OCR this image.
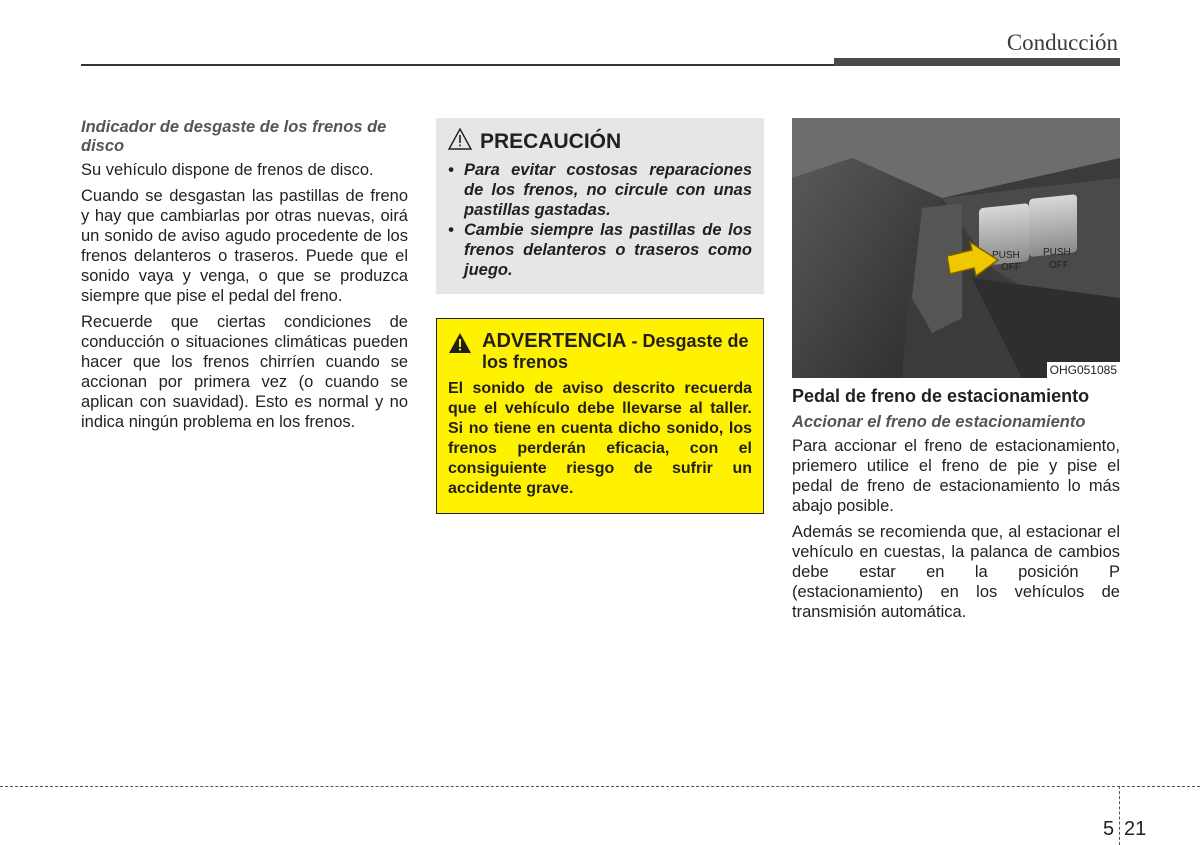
Conducción

Indicador de desgaste de los frenos de disco

Su vehículo dispone de frenos de disco.

Cuando se desgastan las pastillas de freno y hay que cambiarlas por otras nuevas, oirá un sonido de aviso agudo procedente de los frenos delanteros o traseros. Puede que el sonido vaya y venga, o que se produzca siempre que pise el pedal del freno.

Recuerde que ciertas condiciones de conducción o situaciones climáticas pueden hacer que los frenos chirríen cuando se accionan por primera vez (o cuando se aplican con suavidad). Esto es normal y no indica ningún problema en los frenos.

PRECAUCIÓN
• Para evitar costosas reparaciones de los frenos, no circule con unas pastillas gastadas.
• Cambie siempre las pastillas de los frenos delanteros o traseros como juego.
ADVERTENCIA - Desgaste de los frenos
El sonido de aviso descrito recuerda que el vehículo debe llevarse al taller. Si no tiene en cuenta dicho sonido, los frenos perderán eficacia, con el consiguiente riesgo de sufrir un accidente grave.
PUSH
OFF
PUSH
OFF
OHG051085
Pedal de freno de estacionamiento

Accionar el freno de estacionamiento

Para accionar el freno de estacionamiento, priemero utilice el freno de pie y pise el pedal de freno de estacionamiento lo más abajo posible.

Además se recomienda que, al estacionar el vehículo en cuestas, la palanca de cambios debe estar en la posición P (estacionamiento) en los vehículos de transmisión automática.

5 21
